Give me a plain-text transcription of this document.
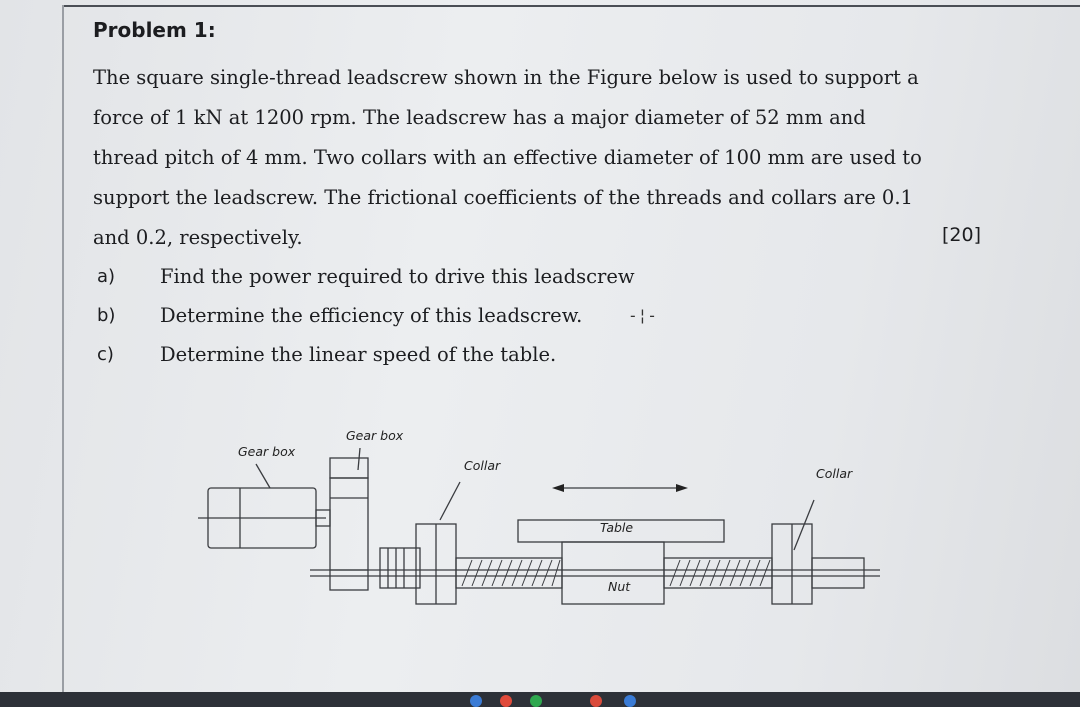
Problem 1:

The square single-thread leadscrew shown in the Figure below is used to support a

force of 1 kN at 1200 rpm. The leadscrew has a major diameter of 52 mm and

thread pitch of 4 mm. Two collars with an effective diameter of 100 mm are used to

support the leadscrew. The frictional coefficients of the threads and collars are 0.1

and 0.2, respectively.	[20]
a) Find the power required to drive this leadscrew
b) Determine the efficiency of this leadscrew.	-¦-
c) Determine the linear speed of the table.
Gear box
Gear box
Collar
Collar
Table
Nut
